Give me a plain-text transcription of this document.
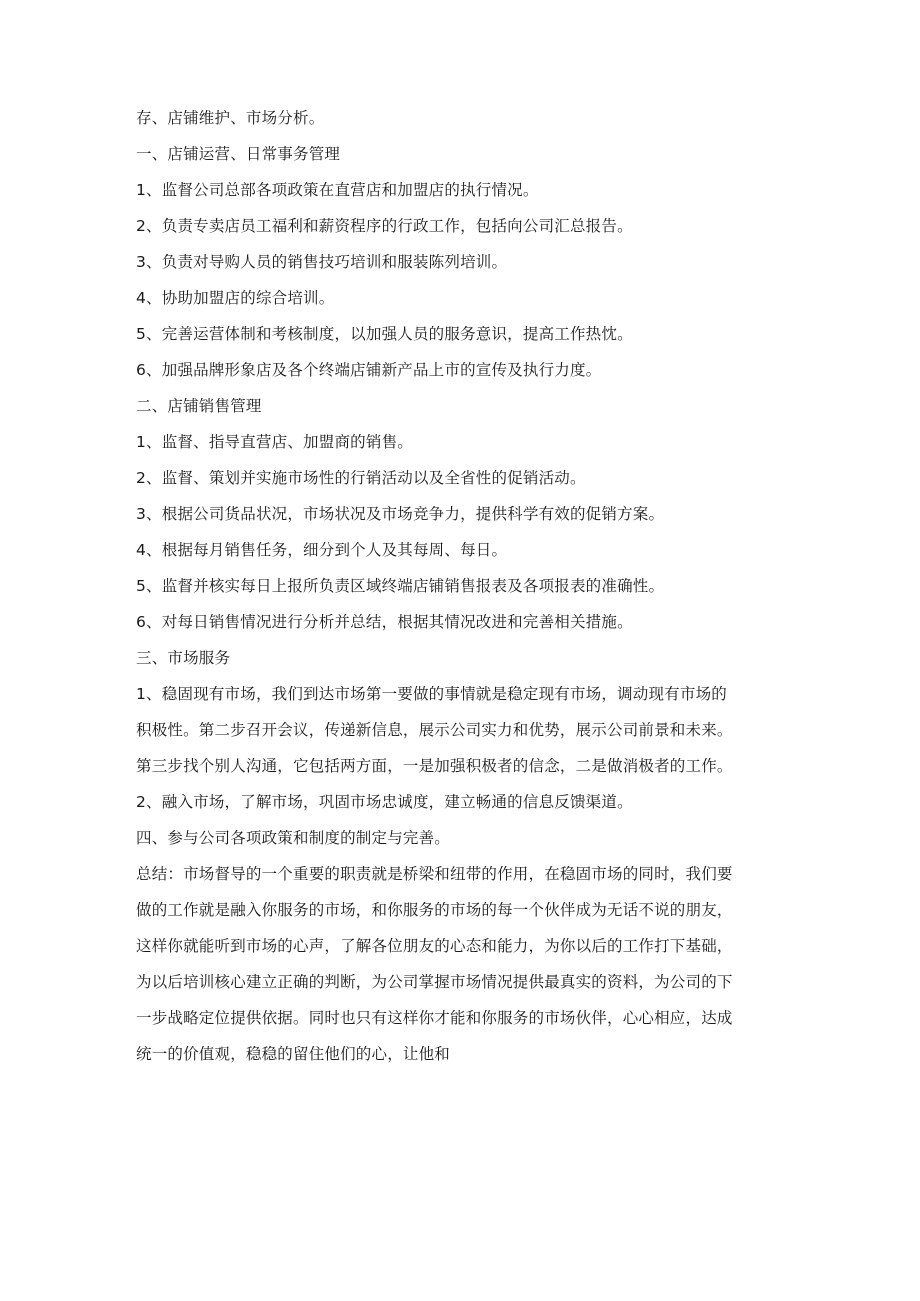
存、店铺维护、市场分析。
一、店铺运营、日常事务管理
1、监督公司总部各项政策在直营店和加盟店的执行情况。
2、负责专卖店员工福利和薪资程序的行政工作，包括向公司汇总报告。
3、负责对导购人员的销售技巧培训和服装陈列培训。
4、协助加盟店的综合培训。
5、完善运营体制和考核制度，以加强人员的服务意识，提高工作热忱。
6、加强品牌形象店及各个终端店铺新产品上市的宣传及执行力度。
二、店铺销售管理
1、监督、指导直营店、加盟商的销售。
2、监督、策划并实施市场性的行销活动以及全省性的促销活动。
3、根据公司货品状况，市场状况及市场竞争力，提供科学有效的促销方案。
4、根据每月销售任务，细分到个人及其每周、每日。
5、监督并核实每日上报所负责区域终端店铺销售报表及各项报表的准确性。
6、对每日销售情况进行分析并总结，根据其情况改进和完善相关措施。
三、市场服务
1、稳固现有市场，我们到达市场第一要做的事情就是稳定现有市场，调动现有市场的
积极性。第二步召开会议，传递新信息，展示公司实力和优势，展示公司前景和未来。
第三步找个别人沟通，它包括两方面，一是加强积极者的信念，二是做消极者的工作。
2、融入市场，了解市场，巩固市场忠诚度，建立畅通的信息反馈渠道。
四、参与公司各项政策和制度的制定与完善。
总结：市场督导的一个重要的职责就是桥梁和纽带的作用，在稳固市场的同时，我们要
做的工作就是融入你服务的市场，和你服务的市场的每一个伙伴成为无话不说的朋友，
这样你就能听到市场的心声，了解各位朋友的心态和能力，为你以后的工作打下基础，
为以后培训核心建立正确的判断，为公司掌握市场情况提供最真实的资料，为公司的下
一步战略定位提供依据。同时也只有这样你才能和你服务的市场伙伴，心心相应，达成
统一的价值观，稳稳的留住他们的心，让他和
